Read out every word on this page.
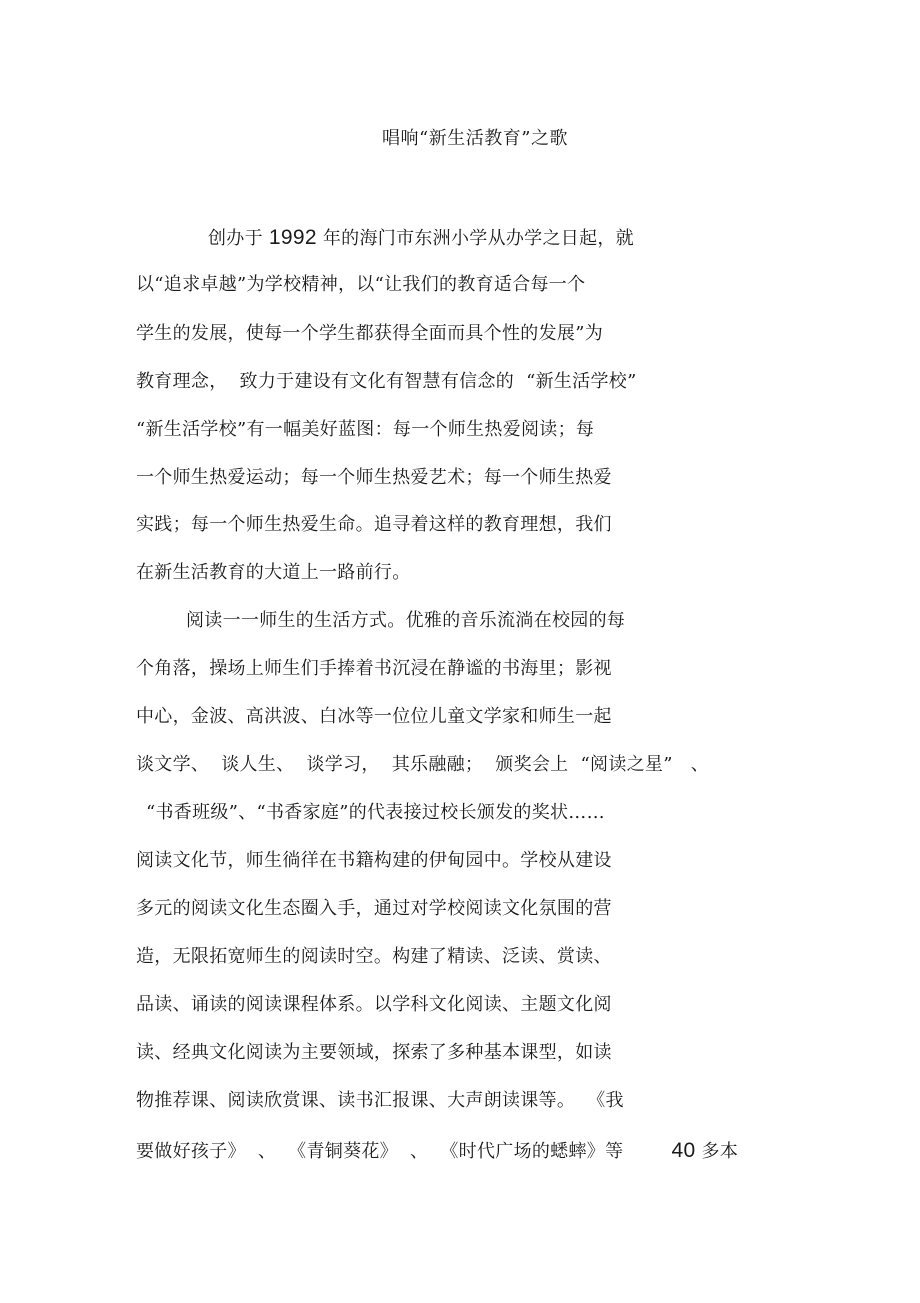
唱响“新生活教育”之歌
创办于 1992 年的海门市东洲小学从办学之日起，就
以“追求卓越”为学校精神，以“让我们的教育适合每一个
学生的发展，使每一个学生都获得全面而具个性的发展”为
教育理念，  致力于建设有文化有智慧有信念的  “新生活学校”
“新生活学校”有一幅美好蓝图：每一个师生热爱阅读；每
一个师生热爱运动；每一个师生热爱艺术；每一个师生热爱
实践；每一个师生热爱生命。追寻着这样的教育理想，我们
在新生活教育的大道上一路前行。
阅读一一师生的生活方式。优雅的音乐流淌在校园的每
个角落，操场上师生们手捧着书沉浸在静谧的书海里；影视
中心，金波、高洪波、白冰等一位位儿童文学家和师生一起
谈文学、  谈人生、  谈学习，  其乐融融；  颁奖会上  “阅读之星”   、
“书香班级”、“书香家庭”的代表接过校长颁发的奖状……
阅读文化节，师生徜徉在书籍构建的伊甸园中。学校从建设
多元的阅读文化生态圈入手，通过对学校阅读文化氛围的营
造，无限拓宽师生的阅读时空。构建了精读、泛读、赏读、
品读、诵读的阅读课程体系。以学科文化阅读、主题文化阅
读、经典文化阅读为主要领域，探索了多种基本课型，如读
物推荐课、阅读欣赏课、读书汇报课、大声朗读课等。  《我
要做好孩子》  、  《青铜葵花》  、  《时代广场的蟋蟀》等        40 多本
